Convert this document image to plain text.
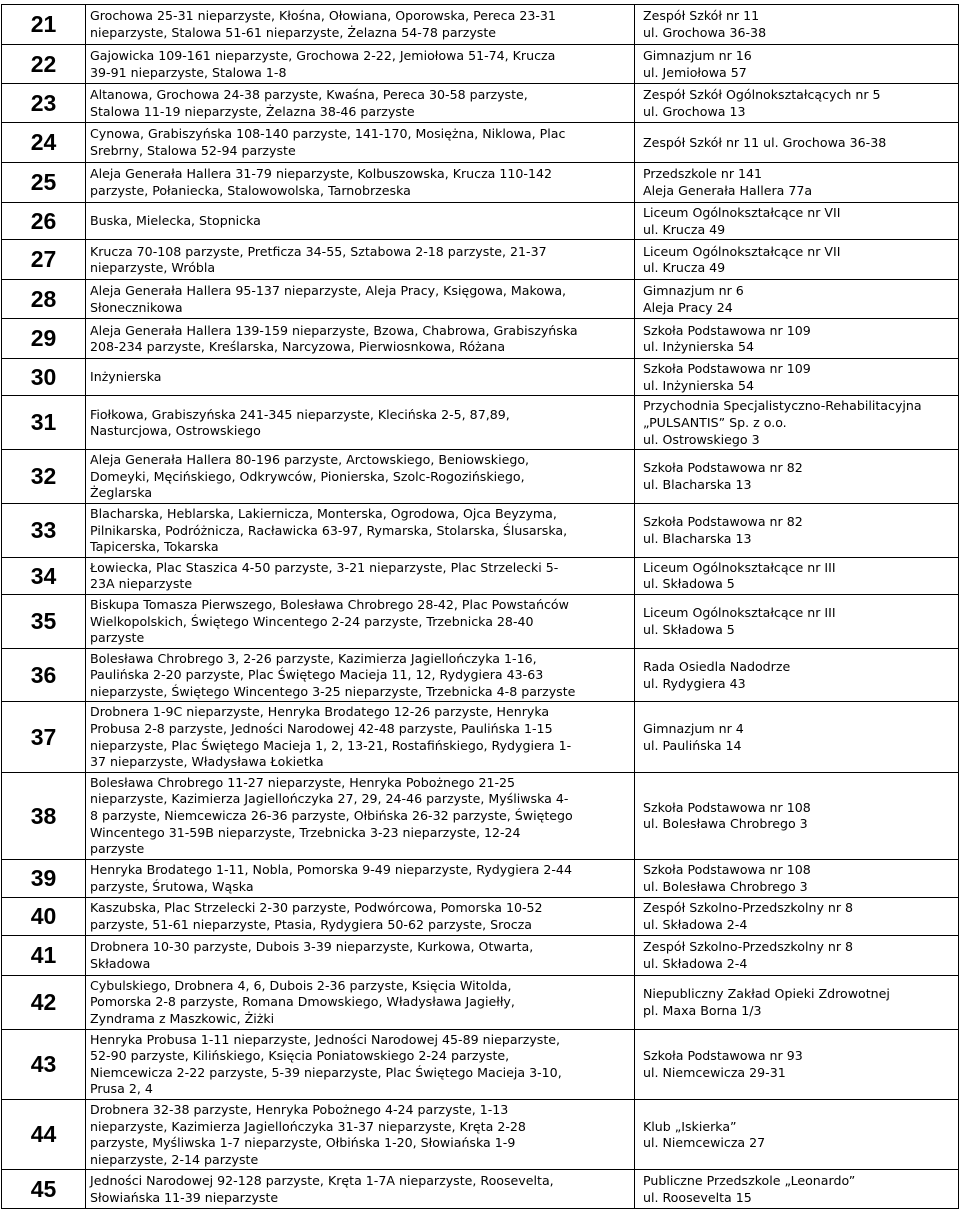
21	Grochowa 25-31 nieparzyste, Kłośna, Ołowiana, Oporowska, Pereca 23-31
nieparzyste, Stalowa 51-61 nieparzyste, Żelazna 54-78 parzyste	Zespół Szkół nr 11
ul. Grochowa 36-38

22	Gajowicka 109-161 nieparzyste, Grochowa 2-22, Jemiołowa 51-74, Krucza
39-91 nieparzyste, Stalowa 1-8	Gimnazjum nr 16
ul. Jemiołowa 57

23	Altanowa, Grochowa 24-38 parzyste, Kwaśna, Pereca 30-58 parzyste,
Stalowa 11-19 nieparzyste, Żelazna 38-46 parzyste	Zespół Szkół Ogólnokształcących nr 5
ul. Grochowa 13

24	Cynowa, Grabiszyńska 108-140 parzyste, 141-170, Mosiężna, Niklowa, Plac
Srebrny, Stalowa 52-94 parzyste	Zespół Szkół nr 11 ul. Grochowa 36-38

25	Aleja Generała Hallera 31-79 nieparzyste, Kolbuszowska, Krucza 110-142
parzyste, Połaniecka, Stalowowolska, Tarnobrzeska	Przedszkole nr 141
Aleja Generała Hallera 77a

26	Buska, Mielecka, Stopnicka	Liceum Ogólnokształcące nr VII
ul. Krucza 49

27	Krucza 70-108 parzyste, Pretficza 34-55, Sztabowa 2-18 parzyste, 21-37
nieparzyste, Wróbla	Liceum Ogólnokształcące nr VII
ul. Krucza 49

28	Aleja Generała Hallera 95-137 nieparzyste, Aleja Pracy, Księgowa, Makowa,
Słonecznikowa	Gimnazjum nr 6
Aleja Pracy 24

29	Aleja Generała Hallera 139-159 nieparzyste, Bzowa, Chabrowa, Grabiszyńska
208-234 parzyste, Kreślarska, Narcyzowa, Pierwiosnkowa, Różana	Szkoła Podstawowa nr 109
ul. Inżynierska 54

30	Inżynierska	Szkoła Podstawowa nr 109
ul. Inżynierska 54

31	Fiołkowa, Grabiszyńska 241-345 nieparzyste, Klecińska 2-5, 87,89,
Nasturcjowa, Ostrowskiego	Przychodnia Specjalistyczno-Rehabilitacyjna
„PULSANTIS” Sp. z o.o.
ul. Ostrowskiego 3

32	Aleja Generała Hallera 80-196 parzyste, Arctowskiego, Beniowskiego,
Domeyki, Męcińskiego, Odkrywców, Pionierska, Szolc-Rogozińskiego,
Żeglarska	Szkoła Podstawowa nr 82
ul. Blacharska 13

33	Blacharska, Heblarska, Lakiernicza, Monterska, Ogrodowa, Ojca Beyzyma,
Pilnikarska, Podróżnicza, Racławicka 63-97, Rymarska, Stolarska, Ślusarska,
Tapicerska, Tokarska	Szkoła Podstawowa nr 82
ul. Blacharska 13

34	Łowiecka, Plac Staszica 4-50 parzyste, 3-21 nieparzyste, Plac Strzelecki 5-
23A nieparzyste	Liceum Ogólnokształcące nr III
ul. Składowa 5

35	Biskupa Tomasza Pierwszego, Bolesława Chrobrego 28-42, Plac Powstańców
Wielkopolskich, Świętego Wincentego 2-24 parzyste, Trzebnicka 28-40
parzyste	Liceum Ogólnokształcące nr III
ul. Składowa 5

36	Bolesława Chrobrego 3, 2-26 parzyste, Kazimierza Jagiellończyka 1-16,
Paulińska 2-20 parzyste, Plac Świętego Macieja 11, 12, Rydygiera 43-63
nieparzyste, Świętego Wincentego 3-25 nieparzyste, Trzebnicka 4-8 parzyste	Rada Osiedla Nadodrze
ul. Rydygiera 43

37	Drobnera 1-9C nieparzyste, Henryka Brodatego 12-26 parzyste, Henryka
Probusa 2-8 parzyste, Jedności Narodowej 42-48 parzyste, Paulińska 1-15
nieparzyste, Plac Świętego Macieja 1, 2, 13-21, Rostafińskiego, Rydygiera 1-
37 nieparzyste, Władysława Łokietka	Gimnazjum nr 4
ul. Paulińska 14

38	Bolesława Chrobrego 11-27 nieparzyste, Henryka Pobożnego 21-25
nieparzyste, Kazimierza Jagiellończyka 27, 29, 24-46 parzyste, Myśliwska 4-
8 parzyste, Niemcewicza 26-36 parzyste, Ołbińska 26-32 parzyste, Świętego
Wincentego 31-59B nieparzyste, Trzebnicka 3-23 nieparzyste, 12-24
parzyste	Szkoła Podstawowa nr 108
ul. Bolesława Chrobrego 3

39	Henryka Brodatego 1-11, Nobla, Pomorska 9-49 nieparzyste, Rydygiera 2-44
parzyste, Śrutowa, Wąska	Szkoła Podstawowa nr 108
ul. Bolesława Chrobrego 3

40	Kaszubska, Plac Strzelecki 2-30 parzyste, Podwórcowa, Pomorska 10-52
parzyste, 51-61 nieparzyste, Ptasia, Rydygiera 50-62 parzyste, Srocza	Zespół Szkolno-Przedszkolny nr 8
ul. Składowa 2-4

41	Drobnera 10-30 parzyste, Dubois 3-39 nieparzyste, Kurkowa, Otwarta,
Składowa	Zespół Szkolno-Przedszkolny nr 8
ul. Składowa 2-4

42	Cybulskiego, Drobnera 4, 6, Dubois 2-36 parzyste, Księcia Witolda,
Pomorska 2-8 parzyste, Romana Dmowskiego, Władysława Jagiełły,
Zyndrama z Maszkowic, Żiżki	Niepubliczny Zakład Opieki Zdrowotnej
pl. Maxa Borna 1/3

43	Henryka Probusa 1-11 nieparzyste, Jedności Narodowej 45-89 nieparzyste,
52-90 parzyste, Kilińskiego, Księcia Poniatowskiego 2-24 parzyste,
Niemcewicza 2-22 parzyste, 5-39 nieparzyste, Plac Świętego Macieja 3-10,
Prusa 2, 4	Szkoła Podstawowa nr 93
ul. Niemcewicza 29-31

44	Drobnera 32-38 parzyste, Henryka Pobożnego 4-24 parzyste, 1-13
nieparzyste, Kazimierza Jagiellończyka 31-37 nieparzyste, Kręta 2-28
parzyste, Myśliwska 1-7 nieparzyste, Ołbińska 1-20, Słowiańska 1-9
nieparzyste, 2-14 parzyste	Klub „Iskierka”
ul. Niemcewicza 27

45	Jedności Narodowej 92-128 parzyste, Kręta 1-7A nieparzyste, Roosevelta,
Słowiańska 11-39 nieparzyste	Publiczne Przedszkole „Leonardo”
ul. Roosevelta 15
